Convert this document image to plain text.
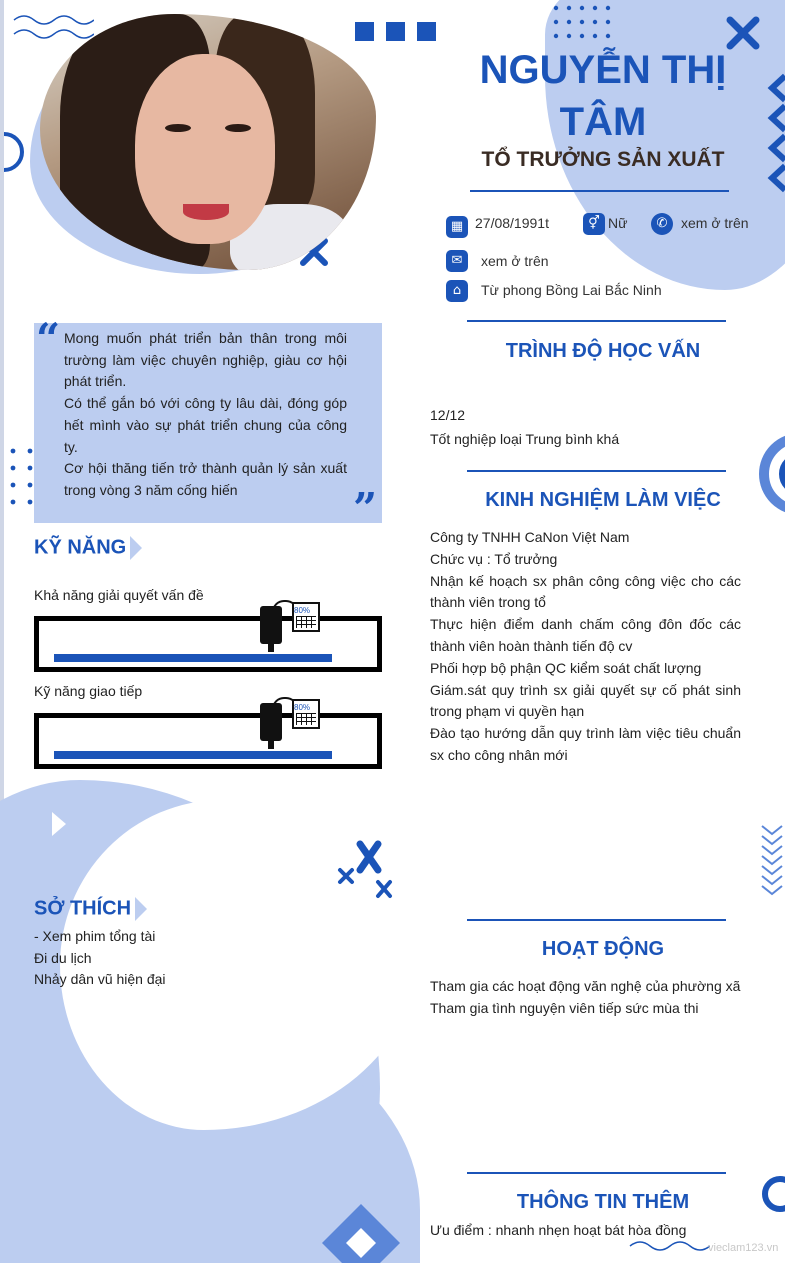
NGUYỄN THỊ TÂM
TỔ TRƯỞNG SẢN XUẤT
▦ 27/08/1991t	⚥ Nữ	✆ xem ở trên
✉	xem ở trên
⌂	Từ phong Bồng Lai Bắc Ninh
“ Mong muốn phát triển bản thân trong môi trường làm việc chuyên nghiệp, giàu cơ hội phát triển.
Có thể gắn bó với công ty lâu dài, đóng góp hết mình vào sự phát triển chung của công ty.
Cơ hội thăng tiến trở thành quản lý sản xuất trong vòng 3 năm cống hiến	”
KỸ NĂNG
Khả năng giải quyết vấn đề
80%
Kỹ năng giao tiếp
80%
SỞ THÍCH
- Xem phim tổng tài
Đi du lịch
Nhảy dân vũ hiện đại
TRÌNH ĐỘ HỌC VẤN
12/12
Tốt nghiệp loại Trung bình khá
KINH NGHIỆM LÀM VIỆC
Công ty TNHH CaNon Việt Nam
Chức vụ : Tổ trưởng
Nhận kế hoạch sx phân công công việc cho các thành viên trong tổ
Thực hiện điểm danh chấm công đôn đốc các thành viên hoàn thành tiến độ cv
Phối hợp bộ phận QC kiểm soát chất lượng
Giám.sát quy trình sx giải quyết sự cố phát sinh trong phạm vi quyền hạn
Đào tạo hướng dẫn quy trình làm việc tiêu chuẩn sx cho công nhân mới
HOẠT ĐỘNG
Tham gia các hoạt động văn nghệ của phường xã
Tham gia tình nguyện viên tiếp sức mùa thi
THÔNG TIN THÊM
Ưu điểm : nhanh nhẹn hoạt bát hòa đồng
vieclam123.vn
